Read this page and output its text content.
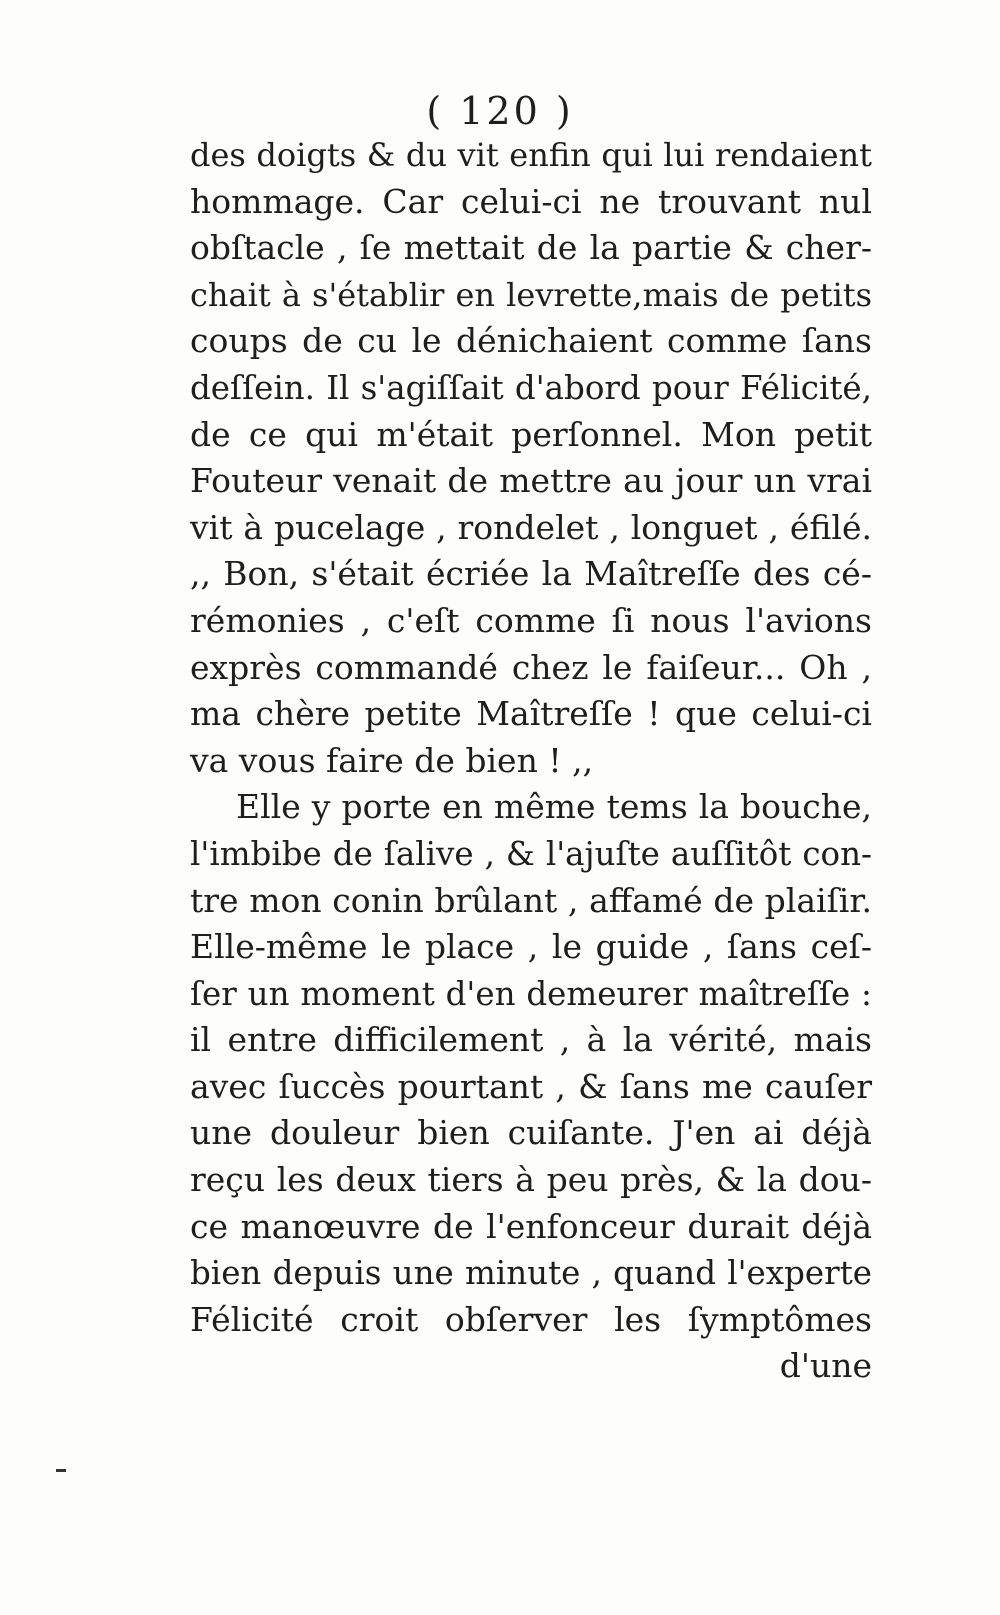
( 120 )
des doigts & du vit enfin qui lui rendaient
hommage. Car celui-ci ne trouvant nul
obſtacle , ſe mettait de la partie & cher-
chait à s'établir en levrette,mais de petits
coups de cu le dénichaient comme ſans
deſſein. Il s'agiſſait d'abord pour Félicité,
de ce qui m'était perſonnel. Mon petit
Fouteur venait de mettre au jour un vrai
vit à pucelage , rondelet , longuet , éfilé.
,, Bon, s'était écriée la Maîtreſſe des cé-
rémonies , c'eſt comme ſi nous l'avions
exprès commandé chez le faiſeur... Oh ,
ma chère petite Maîtreſſe ! que celui-ci
va vous faire de bien ! ,,
Elle y porte en même tems la bouche,
l'imbibe de ſalive , & l'ajuſte auſſitôt con-
tre mon conin brûlant , affamé de plaiſir.
Elle-même le place , le guide , ſans ceſ-
ſer un moment d'en demeurer maîtreſſe :
il entre difficilement , à la vérité, mais
avec ſuccès pourtant , & ſans me cauſer
une douleur bien cuiſante. J'en ai déjà
reçu les deux tiers à peu près, & la dou-
ce manœuvre de l'enfonceur durait déjà
bien depuis une minute , quand l'experte
Félicité croit obſerver les ſymptômes
d'une
